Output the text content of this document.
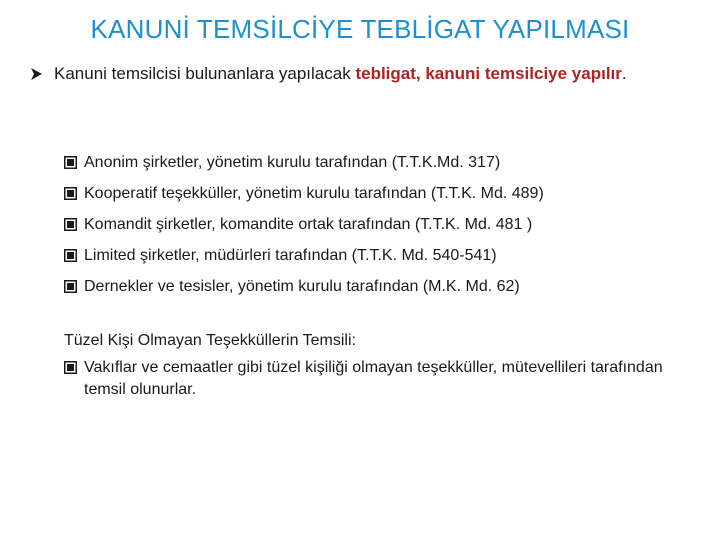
KANUNİ TEMSİLCİYE TEBLİGAT YAPILMASI
Kanuni temsilcisi bulunanlara yapılacak tebligat, kanuni temsilciye yapılır.
Anonim şirketler, yönetim kurulu tarafından (T.T.K.Md. 317)
Kooperatif teşekküller, yönetim kurulu tarafından (T.T.K. Md. 489)
Komandit şirketler, komandite ortak tarafından (T.T.K. Md. 481 )
Limited şirketler, müdürleri tarafından (T.T.K. Md. 540-541)
Dernekler ve tesisler, yönetim kurulu tarafından (M.K. Md. 62)
Tüzel Kişi Olmayan Teşekküllerin Temsili:
Vakıflar ve cemaatler gibi tüzel kişiliği olmayan teşekküller, mütevellileri tarafından temsil olunurlar.
